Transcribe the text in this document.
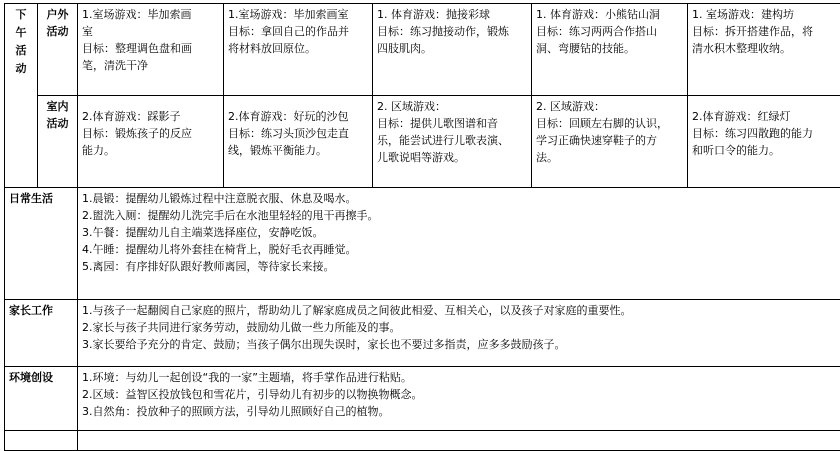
下
午
活
动	户外
活动	1.室场游戏：毕加索画
室
目标：整理调色盘和画
笔，清洗干净	1.室场游戏：毕加索画室
目标：拿回自己的作品并
将材料放回原位。	1. 体育游戏：抛接彩球
目标：练习抛接动作，锻炼
四肢肌肉。	1. 体育游戏：小熊钻山洞
目标：练习两两合作搭山
洞、弯腰钻的技能。	1. 室场游戏：建构坊
目标：拆开搭建作品，将
清水积木整理收纳。

	室内
活动	2.体育游戏：踩影子
目标：锻炼孩子的反应
能力。	2.体育游戏：好玩的沙包
目标：练习头顶沙包走直
线，锻炼平衡能力。	2. 区域游戏：
目标：提供儿歌图谱和音
乐，能尝试进行儿歌表演、
儿歌说唱等游戏。	2. 区域游戏：
目标：回顾左右脚的认识，
学习正确快速穿鞋子的方
法。	2.体育游戏：红绿灯
目标：练习四散跑的能力
和听口令的能力。

日常生活		1.晨锻：提醒幼儿锻炼过程中注意脱衣服、休息及喝水。
2.盥洗入厕：提醒幼儿洗完手后在水池里轻轻的甩干再擦手。
3.午餐：提醒幼儿自主端菜选择座位，安静吃饭。
4.午睡：提醒幼儿将外套挂在椅背上，脱好毛衣再睡觉。
5.离园：有序排好队跟好教师离园，等待家长来接。				

家长工作		1.与孩子一起翻阅自己家庭的照片，帮助幼儿了解家庭成员之间彼此相爱、互相关心，以及孩子对家庭的重要性。
2.家长与孩子共同进行家务劳动，鼓励幼儿做一些力所能及的事。
3.家长要给予充分的肯定、鼓励；当孩子偶尔出现失误时，家长也不要过多指责，应多多鼓励孩子。				

环境创设		1.环境：与幼儿一起创设“我的一家”主题墙，将手掌作品进行粘贴。
2.区域：益智区投放钱包和雪花片，引导幼儿有初步的以物换物概念。
3.自然角：投放种子的照顾方法，引导幼儿照顾好自己的植物。				
